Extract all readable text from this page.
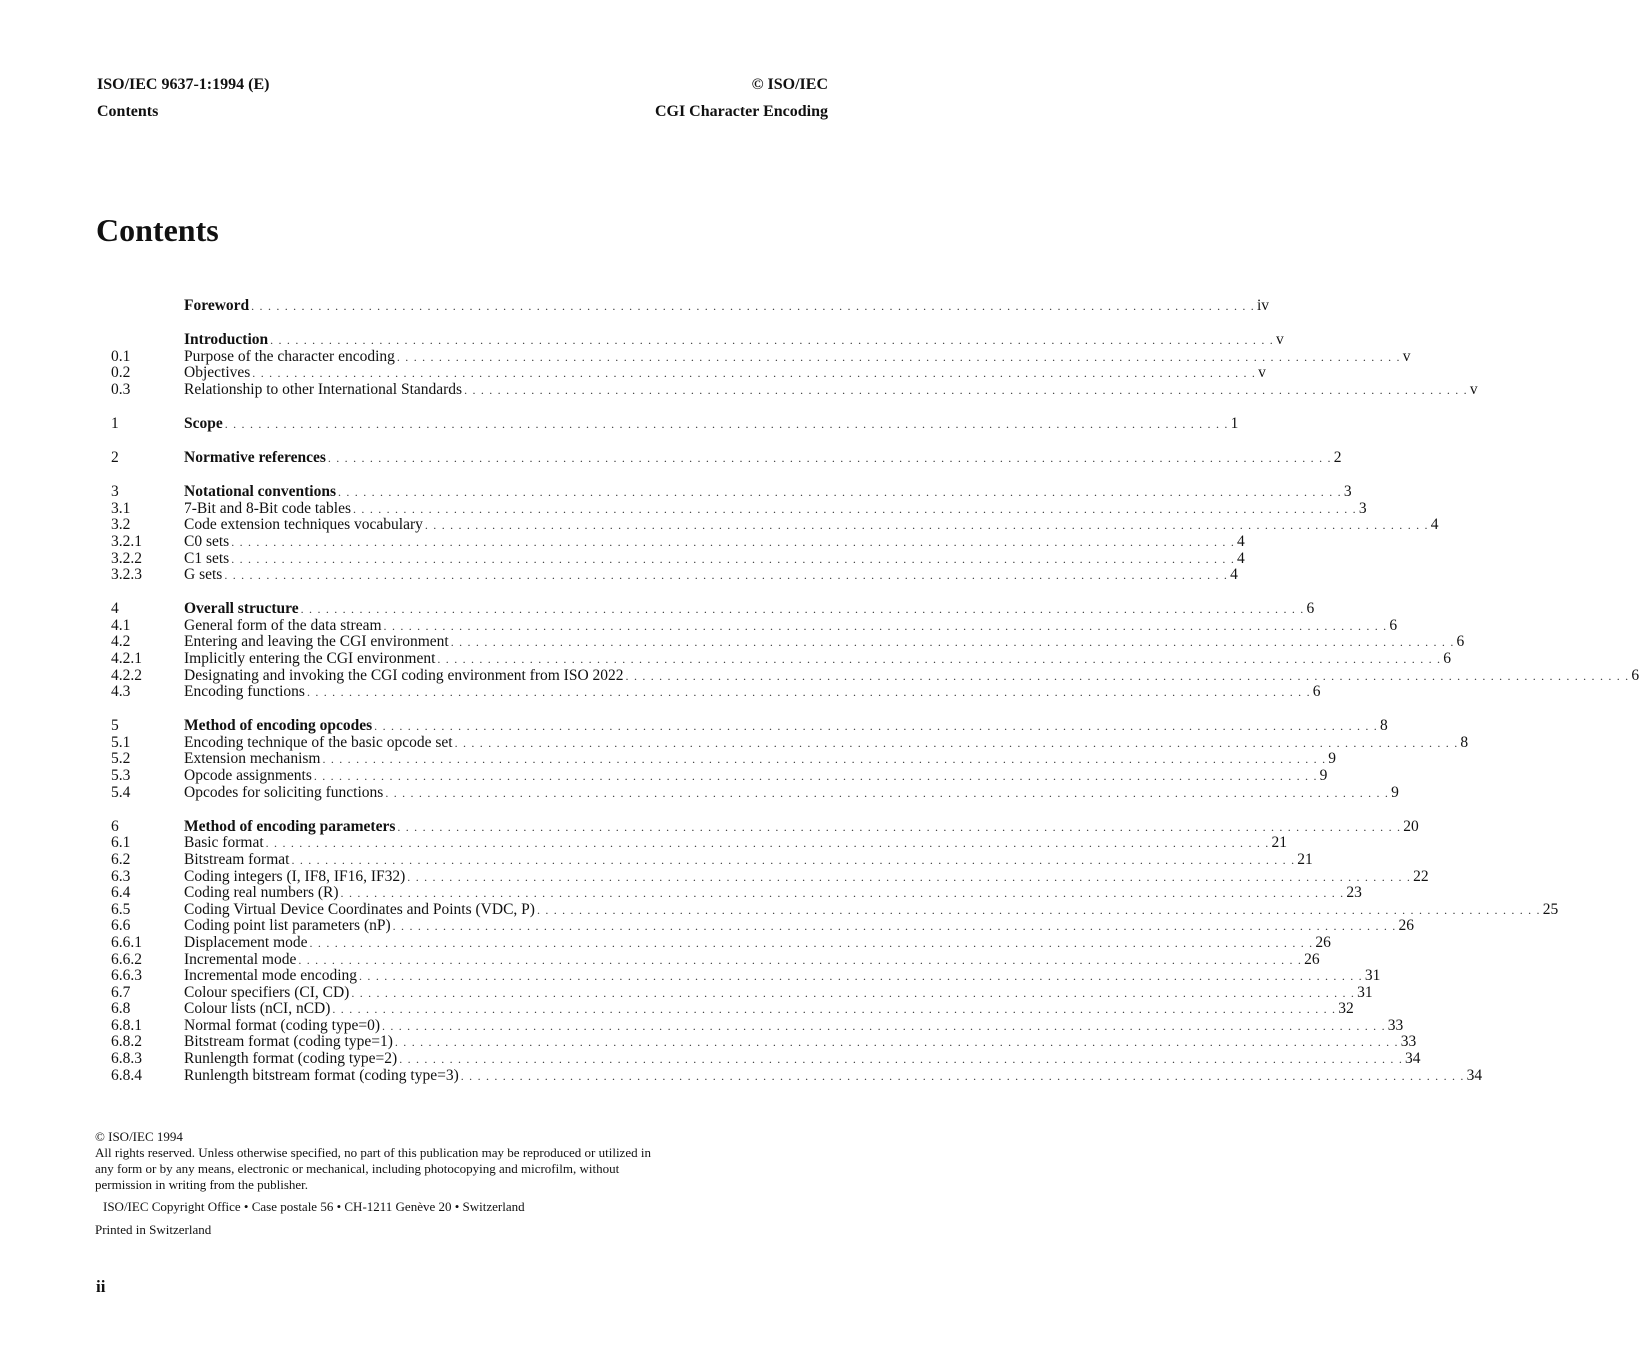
ISO/IEC 9637-1:1994 (E)
Contents
© ISO/IEC
CGI Character Encoding
Contents
Foreword . . . . . . . . . . . . . . . . . . . . . . . . . . . . . . . . . . . . . . . . . . . . . . . . . . . . . . . . . . . . . . . . . . . . . . . . . . . . . . . . . . . . . . . . . . . . . . . . . . . . . . . . . . . . . . . . . . . . . . . . iv
Introduction . . . . . . . . . . . . . . . . . . . . . . . . . . . . . . . . . . . . . . . . . . . . . . . . . . . . . . . . . . . . . . . . . . . . . . . . . . . . . . . . . . . . . . . . . . . . . . . . . . . . . . . . . . . . . . . . . . . . . . . . v
0.1	Purpose of the character encoding . . . . . . . . . . . . . . . . . . . . . . . . . . . . . . . . . . . . . . . . . . . . . . . . . . . . . . . . . . . . . . . . . . . . . . . . . . . . . . . . . . . . . . . . . . . . . . . . . . . . . . . . . . . . . . . . . . . . . . . . v
0.2	Objectives . . . . . . . . . . . . . . . . . . . . . . . . . . . . . . . . . . . . . . . . . . . . . . . . . . . . . . . . . . . . . . . . . . . . . . . . . . . . . . . . . . . . . . . . . . . . . . . . . . . . . . . . . . . . . . . . . . . . . . . . v
0.3	Relationship to other International Standards . . . . . . . . . . . . . . . . . . . . . . . . . . . . . . . . . . . . . . . . . . . . . . . . . . . . . . . . . . . . . . . . . . . . . . . . . . . . . . . . . . . . . . . . . . . . . . . . . . . . . . . . . . . . . . . . . . . . . . . . v
1	Scope . . . . . . . . . . . . . . . . . . . . . . . . . . . . . . . . . . . . . . . . . . . . . . . . . . . . . . . . . . . . . . . . . . . . . . . . . . . . . . . . . . . . . . . . . . . . . . . . . . . . . . . . . . . . . . . . . . . . . . . . 1
2	Normative references . . . . . . . . . . . . . . . . . . . . . . . . . . . . . . . . . . . . . . . . . . . . . . . . . . . . . . . . . . . . . . . . . . . . . . . . . . . . . . . . . . . . . . . . . . . . . . . . . . . . . . . . . . . . . . . . . . . . . . . . 2
3	Notational conventions . . . . . . . . . . . . . . . . . . . . . . . . . . . . . . . . . . . . . . . . . . . . . . . . . . . . . . . . . . . . . . . . . . . . . . . . . . . . . . . . . . . . . . . . . . . . . . . . . . . . . . . . . . . . . . . . . . . . . . . . 3
3.1	7-Bit and 8-Bit code tables . . . . . . . . . . . . . . . . . . . . . . . . . . . . . . . . . . . . . . . . . . . . . . . . . . . . . . . . . . . . . . . . . . . . . . . . . . . . . . . . . . . . . . . . . . . . . . . . . . . . . . . . . . . . . . . . . . . . . . . . 3
3.2	Code extension techniques vocabulary . . . . . . . . . . . . . . . . . . . . . . . . . . . . . . . . . . . . . . . . . . . . . . . . . . . . . . . . . . . . . . . . . . . . . . . . . . . . . . . . . . . . . . . . . . . . . . . . . . . . . . . . . . . . . . . . . . . . . . . . 4
3.2.1	C0 sets . . . . . . . . . . . . . . . . . . . . . . . . . . . . . . . . . . . . . . . . . . . . . . . . . . . . . . . . . . . . . . . . . . . . . . . . . . . . . . . . . . . . . . . . . . . . . . . . . . . . . . . . . . . . . . . . . . . . . . . . 4
3.2.2	C1 sets . . . . . . . . . . . . . . . . . . . . . . . . . . . . . . . . . . . . . . . . . . . . . . . . . . . . . . . . . . . . . . . . . . . . . . . . . . . . . . . . . . . . . . . . . . . . . . . . . . . . . . . . . . . . . . . . . . . . . . . . 4
3.2.3	G sets . . . . . . . . . . . . . . . . . . . . . . . . . . . . . . . . . . . . . . . . . . . . . . . . . . . . . . . . . . . . . . . . . . . . . . . . . . . . . . . . . . . . . . . . . . . . . . . . . . . . . . . . . . . . . . . . . . . . . . . . 4
4	Overall structure . . . . . . . . . . . . . . . . . . . . . . . . . . . . . . . . . . . . . . . . . . . . . . . . . . . . . . . . . . . . . . . . . . . . . . . . . . . . . . . . . . . . . . . . . . . . . . . . . . . . . . . . . . . . . . . . . . . . . . . . 6
4.1	General form of the data stream . . . . . . . . . . . . . . . . . . . . . . . . . . . . . . . . . . . . . . . . . . . . . . . . . . . . . . . . . . . . . . . . . . . . . . . . . . . . . . . . . . . . . . . . . . . . . . . . . . . . . . . . . . . . . . . . . . . . . . . . 6
4.2	Entering and leaving the CGI environment . . . . . . . . . . . . . . . . . . . . . . . . . . . . . . . . . . . . . . . . . . . . . . . . . . . . . . . . . . . . . . . . . . . . . . . . . . . . . . . . . . . . . . . . . . . . . . . . . . . . . . . . . . . . . . . . . . . . . . . . 6
4.2.1	Implicitly entering the CGI environment . . . . . . . . . . . . . . . . . . . . . . . . . . . . . . . . . . . . . . . . . . . . . . . . . . . . . . . . . . . . . . . . . . . . . . . . . . . . . . . . . . . . . . . . . . . . . . . . . . . . . . . . . . . . . . . . . . . . . . . . 6
4.2.2	Designating and invoking the CGI coding environment from ISO 2022 . . . . . . . . . . . . . . . . . . . . . . . . . . . . . . . . . . . . . . . . . . . . . . . . . . . . . . . . . . . . . . . . . . . . . . . . . . . . . . . . . . . . . . . . . . . . . . . . . . . . . . . . . . . . . . . . . . . . . . . . 6
4.3	Encoding functions . . . . . . . . . . . . . . . . . . . . . . . . . . . . . . . . . . . . . . . . . . . . . . . . . . . . . . . . . . . . . . . . . . . . . . . . . . . . . . . . . . . . . . . . . . . . . . . . . . . . . . . . . . . . . . . . . . . . . . . . 6
5	Method of encoding opcodes . . . . . . . . . . . . . . . . . . . . . . . . . . . . . . . . . . . . . . . . . . . . . . . . . . . . . . . . . . . . . . . . . . . . . . . . . . . . . . . . . . . . . . . . . . . . . . . . . . . . . . . . . . . . . . . . . . . . . . . . 8
5.1	Encoding technique of the basic opcode set . . . . . . . . . . . . . . . . . . . . . . . . . . . . . . . . . . . . . . . . . . . . . . . . . . . . . . . . . . . . . . . . . . . . . . . . . . . . . . . . . . . . . . . . . . . . . . . . . . . . . . . . . . . . . . . . . . . . . . . . 8
5.2	Extension mechanism . . . . . . . . . . . . . . . . . . . . . . . . . . . . . . . . . . . . . . . . . . . . . . . . . . . . . . . . . . . . . . . . . . . . . . . . . . . . . . . . . . . . . . . . . . . . . . . . . . . . . . . . . . . . . . . . . . . . . . . . 9
5.3	Opcode assignments . . . . . . . . . . . . . . . . . . . . . . . . . . . . . . . . . . . . . . . . . . . . . . . . . . . . . . . . . . . . . . . . . . . . . . . . . . . . . . . . . . . . . . . . . . . . . . . . . . . . . . . . . . . . . . . . . . . . . . . . 9
5.4	Opcodes for soliciting functions . . . . . . . . . . . . . . . . . . . . . . . . . . . . . . . . . . . . . . . . . . . . . . . . . . . . . . . . . . . . . . . . . . . . . . . . . . . . . . . . . . . . . . . . . . . . . . . . . . . . . . . . . . . . . . . . . . . . . . . . 9
6	Method of encoding parameters . . . . . . . . . . . . . . . . . . . . . . . . . . . . . . . . . . . . . . . . . . . . . . . . . . . . . . . . . . . . . . . . . . . . . . . . . . . . . . . . . . . . . . . . . . . . . . . . . . . . . . . . . . . . . . . . . . . . . . . . 20
6.1	Basic format . . . . . . . . . . . . . . . . . . . . . . . . . . . . . . . . . . . . . . . . . . . . . . . . . . . . . . . . . . . . . . . . . . . . . . . . . . . . . . . . . . . . . . . . . . . . . . . . . . . . . . . . . . . . . . . . . . . . . . . . 21
6.2	Bitstream format . . . . . . . . . . . . . . . . . . . . . . . . . . . . . . . . . . . . . . . . . . . . . . . . . . . . . . . . . . . . . . . . . . . . . . . . . . . . . . . . . . . . . . . . . . . . . . . . . . . . . . . . . . . . . . . . . . . . . . . . 21
6.3	Coding integers (I, IF8, IF16, IF32) . . . . . . . . . . . . . . . . . . . . . . . . . . . . . . . . . . . . . . . . . . . . . . . . . . . . . . . . . . . . . . . . . . . . . . . . . . . . . . . . . . . . . . . . . . . . . . . . . . . . . . . . . . . . . . . . . . . . . . . . 22
6.4	Coding real numbers (R) . . . . . . . . . . . . . . . . . . . . . . . . . . . . . . . . . . . . . . . . . . . . . . . . . . . . . . . . . . . . . . . . . . . . . . . . . . . . . . . . . . . . . . . . . . . . . . . . . . . . . . . . . . . . . . . . . . . . . . . . 23
6.5	Coding Virtual Device Coordinates and Points (VDC, P) . . . . . . . . . . . . . . . . . . . . . . . . . . . . . . . . . . . . . . . . . . . . . . . . . . . . . . . . . . . . . . . . . . . . . . . . . . . . . . . . . . . . . . . . . . . . . . . . . . . . . . . . . . . . . . . . . . . . . . . . 25
6.6	Coding point list parameters (nP) . . . . . . . . . . . . . . . . . . . . . . . . . . . . . . . . . . . . . . . . . . . . . . . . . . . . . . . . . . . . . . . . . . . . . . . . . . . . . . . . . . . . . . . . . . . . . . . . . . . . . . . . . . . . . . . . . . . . . . . . 26
6.6.1	Displacement mode . . . . . . . . . . . . . . . . . . . . . . . . . . . . . . . . . . . . . . . . . . . . . . . . . . . . . . . . . . . . . . . . . . . . . . . . . . . . . . . . . . . . . . . . . . . . . . . . . . . . . . . . . . . . . . . . . . . . . . . . 26
6.6.2	Incremental mode . . . . . . . . . . . . . . . . . . . . . . . . . . . . . . . . . . . . . . . . . . . . . . . . . . . . . . . . . . . . . . . . . . . . . . . . . . . . . . . . . . . . . . . . . . . . . . . . . . . . . . . . . . . . . . . . . . . . . . . . 26
6.6.3	Incremental mode encoding . . . . . . . . . . . . . . . . . . . . . . . . . . . . . . . . . . . . . . . . . . . . . . . . . . . . . . . . . . . . . . . . . . . . . . . . . . . . . . . . . . . . . . . . . . . . . . . . . . . . . . . . . . . . . . . . . . . . . . . . 31
6.7	Colour specifiers (CI, CD) . . . . . . . . . . . . . . . . . . . . . . . . . . . . . . . . . . . . . . . . . . . . . . . . . . . . . . . . . . . . . . . . . . . . . . . . . . . . . . . . . . . . . . . . . . . . . . . . . . . . . . . . . . . . . . . . . . . . . . . . 31
6.8	Colour lists (nCI, nCD) . . . . . . . . . . . . . . . . . . . . . . . . . . . . . . . . . . . . . . . . . . . . . . . . . . . . . . . . . . . . . . . . . . . . . . . . . . . . . . . . . . . . . . . . . . . . . . . . . . . . . . . . . . . . . . . . . . . . . . . . 32
6.8.1	Normal format (coding type=0) . . . . . . . . . . . . . . . . . . . . . . . . . . . . . . . . . . . . . . . . . . . . . . . . . . . . . . . . . . . . . . . . . . . . . . . . . . . . . . . . . . . . . . . . . . . . . . . . . . . . . . . . . . . . . . . . . . . . . . . . 33
6.8.2	Bitstream format (coding type=1) . . . . . . . . . . . . . . . . . . . . . . . . . . . . . . . . . . . . . . . . . . . . . . . . . . . . . . . . . . . . . . . . . . . . . . . . . . . . . . . . . . . . . . . . . . . . . . . . . . . . . . . . . . . . . . . . . . . . . . . . 33
6.8.3	Runlength format (coding type=2) . . . . . . . . . . . . . . . . . . . . . . . . . . . . . . . . . . . . . . . . . . . . . . . . . . . . . . . . . . . . . . . . . . . . . . . . . . . . . . . . . . . . . . . . . . . . . . . . . . . . . . . . . . . . . . . . . . . . . . . . 34
6.8.4	Runlength bitstream format (coding type=3) . . . . . . . . . . . . . . . . . . . . . . . . . . . . . . . . . . . . . . . . . . . . . . . . . . . . . . . . . . . . . . . . . . . . . . . . . . . . . . . . . . . . . . . . . . . . . . . . . . . . . . . . . . . . . . . . . . . . . . . . 34

© ISO/IEC 1994

All rights reserved. Unless otherwise specified, no part of this publication may be reproduced or utilized in any form or by any means, electronic or mechanical, including photocopying and microfilm, without permission in writing from the publisher.

ISO/IEC Copyright Office • Case postale 56 • CH-1211 Genève 20 • Switzerland

Printed in Switzerland

ii
